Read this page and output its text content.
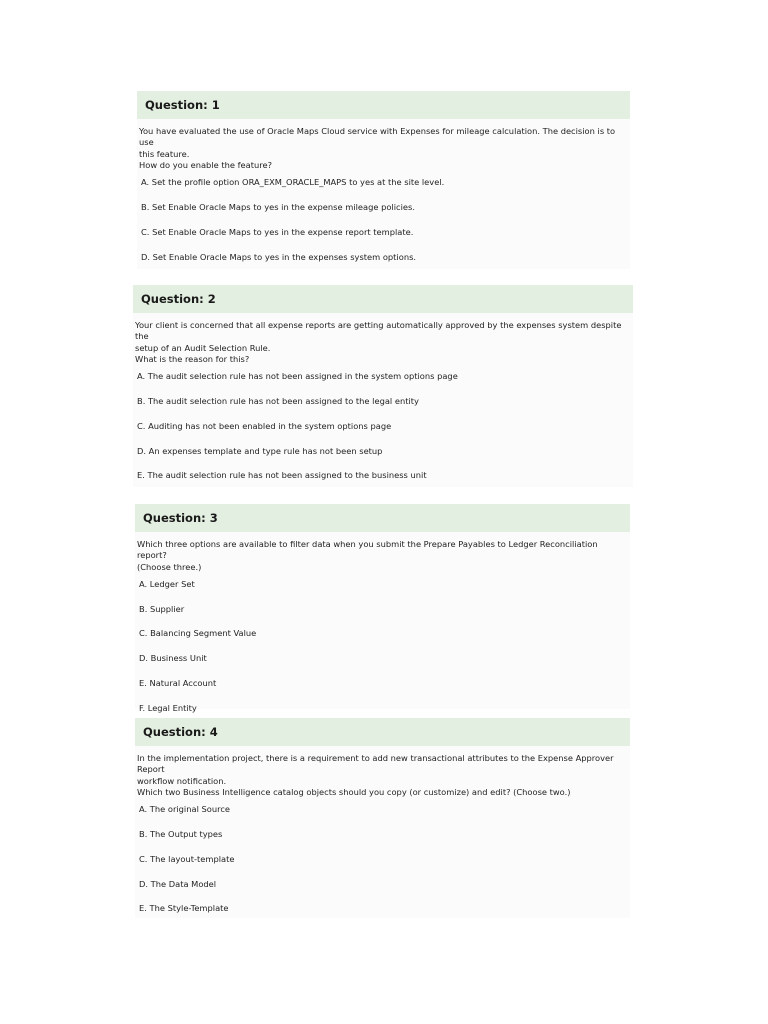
Question: 1
You have evaluated the use of Oracle Maps Cloud service with Expenses for mileage calculation. The decision is to use
this feature.
How do you enable the feature?
A. Set the profile option ORA_EXM_ORACLE_MAPS to yes at the site level.
B. Set Enable Oracle Maps to yes in the expense mileage policies.
C. Set Enable Oracle Maps to yes in the expense report template.
D. Set Enable Oracle Maps to yes in the expenses system options.
Question: 2
Your client is concerned that all expense reports are getting automatically approved by the expenses system despite the
setup of an Audit Selection Rule.
What is the reason for this?
A. The audit selection rule has not been assigned in the system options page
B. The audit selection rule has not been assigned to the legal entity
C. Auditing has not been enabled in the system options page
D. An expenses template and type rule has not been setup
E. The audit selection rule has not been assigned to the business unit
Question: 3
Which three options are available to filter data when you submit the Prepare Payables to Ledger Reconciliation report?
(Choose three.)
A. Ledger Set
B. Supplier
C. Balancing Segment Value
D. Business Unit
E. Natural Account
F. Legal Entity
Question: 4
In the implementation project, there is a requirement to add new transactional attributes to the Expense Approver Report
workflow notification.
Which two Business Intelligence catalog objects should you copy (or customize) and edit? (Choose two.)
A. The original Source
B. The Output types
C. The layout-template
D. The Data Model
E. The Style-Template
